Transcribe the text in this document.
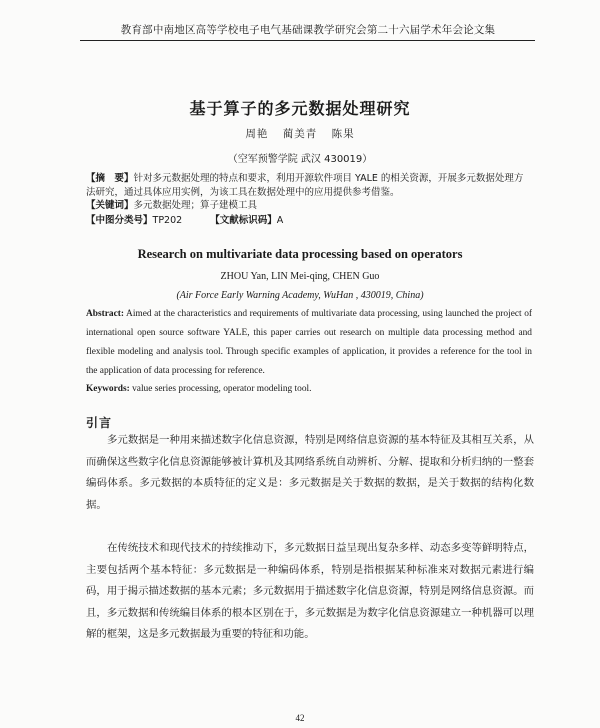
教育部中南地区高等学校电子电气基础课教学研究会第二十六届学术年会论文集
基于算子的多元数据处理研究
周艳 蔺美青 陈果
（空军预警学院 武汉 430019）
【摘　要】针对多元数据处理的特点和要求，利用开源软件项目 YALE 的相关资源，开展多元数据处理方法研究，通过具体应用实例，为该工具在数据处理中的应用提供参考借鉴。
【关键词】多元数据处理；算子建模工具
【中图分类号】TP202	【文献标识码】A
Research on multivariate data processing based on operators
ZHOU Yan, LIN Mei-qing, CHEN Guo
(Air Force Early Warning Academy, WuHan , 430019, China)
Abstract: Aimed at the characteristics and requirements of multivariate data processing, using launched the project of international open source software YALE, this paper carries out research on multiple data processing method and flexible modeling and analysis tool. Through specific examples of application, it provides a reference for the tool in the application of data processing for reference.
Keywords: value series processing, operator modeling tool.
引言
多元数据是一种用来描述数字化信息资源，特别是网络信息资源的基本特征及其相互关系，从而确保这些数字化信息资源能够被计算机及其网络系统自动辨析、分解、提取和分析归纳的一整套编码体系。多元数据的本质特征的定义是：多元数据是关于数据的数据，是关于数据的结构化数据。
在传统技术和现代技术的持续推动下，多元数据日益呈现出复杂多样、动态多变等鲜明特点，主要包括两个基本特征：多元数据是一种编码体系，特别是指根据某种标准来对数据元素进行编码，用于揭示描述数据的基本元素；多元数据用于描述数字化信息资源，特别是网络信息资源。而且，多元数据和传统编目体系的根本区别在于，多元数据是为数字化信息资源建立一种机器可以理解的框架，这是多元数据最为重要的特征和功能。
42
